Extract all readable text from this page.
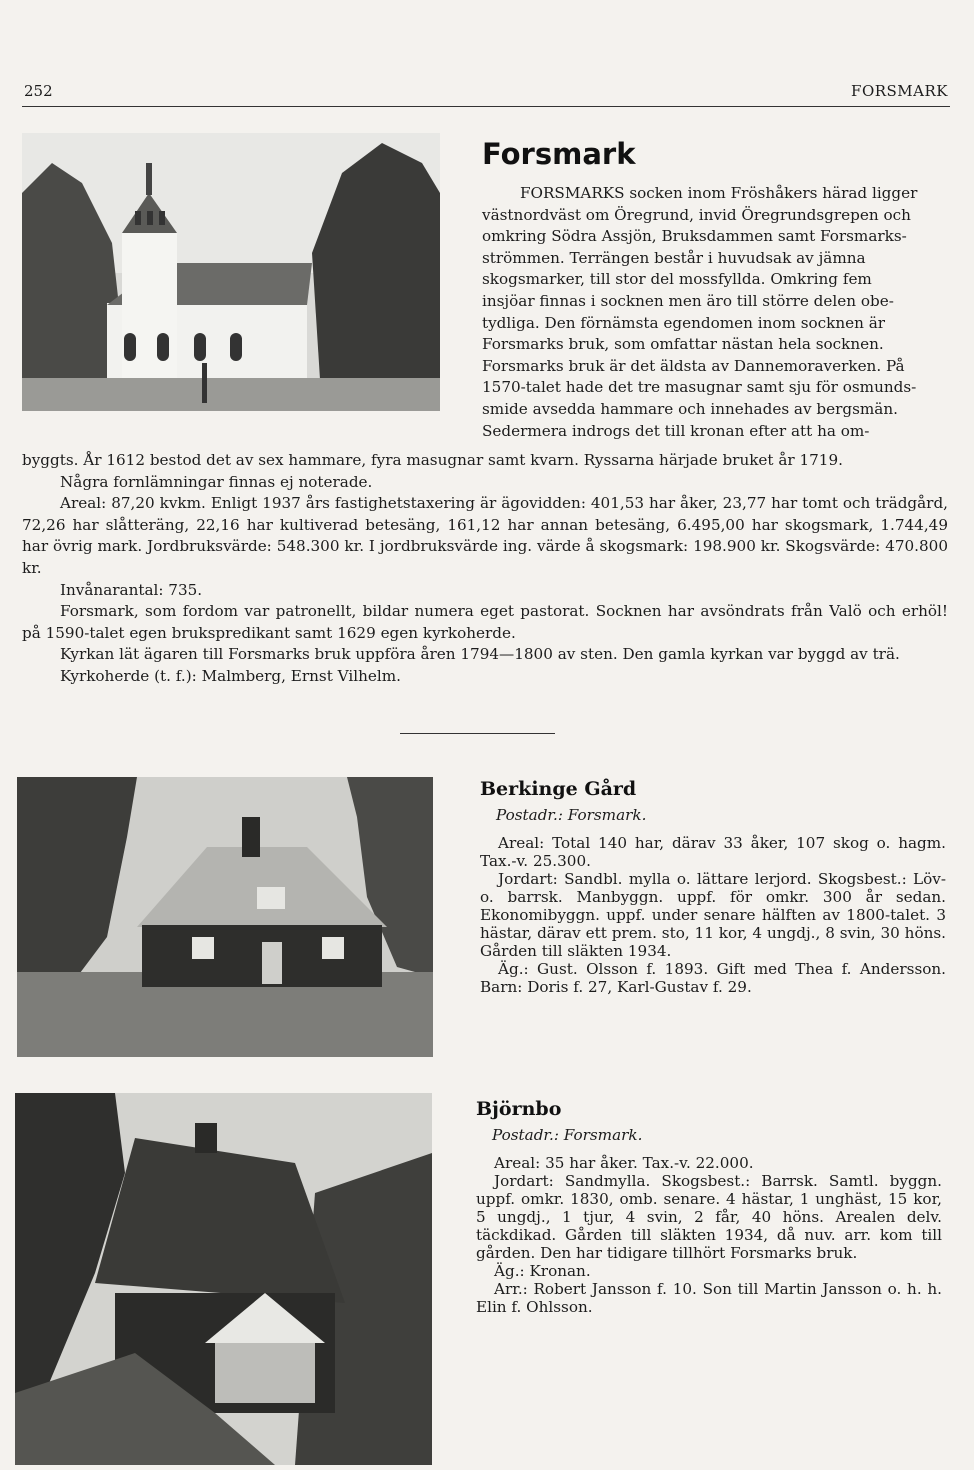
252	FORSMARK
Forsmark

FORSMARKS socken inom Fröshåkers härad ligger

västnordväst om Öregrund, invid Öregrundsgrepen och

omkring Södra Assjön, Bruksdammen samt Forsmarks-

strömmen. Terrängen består i huvudsak av jämna

skogsmarker, till stor del mossfyllda. Omkring fem

insjöar finnas i socknen men äro till större delen obe-

tydliga. Den förnämsta egendomen inom socknen är

Forsmarks bruk, som omfattar nästan hela socknen.

Forsmarks bruk är det äldsta av Dannemoraverken. På

1570-talet hade det tre masugnar samt sju för osmunds-

smide avsedda hammare och innehades av bergsmän.

Sedermera indrogs det till kronan efter att ha om-

byggts. År 1612 bestod det av sex hammare, fyra masugnar samt kvarn. Ryssarna härjade bruket år 1719.

Några fornlämningar finnas ej noterade.

Areal: 87,20 kvkm. Enligt 1937 års fastighetstaxering är ägovidden: 401,53 har åker, 23,77 har tomt och trädgård, 72,26 har slåtteräng, 22,16 har kultiverad betesäng, 161,12 har annan betesäng, 6.495,00 har skogsmark, 1.744,49 har övrig mark. Jordbruksvärde: 548.300 kr. I jordbruksvärde ing. värde å skogsmark: 198.900 kr. Skogsvärde: 470.800 kr.

Invånarantal: 735.

Forsmark, som fordom var patronellt, bildar numera eget pastorat. Socknen har avsöndrats från Valö och erhöl! på 1590-talet egen brukspredikant samt 1629 egen kyrkoherde.

Kyrkan lät ägaren till Forsmarks bruk uppföra åren 1794—1800 av sten. Den gamla kyrkan var byggd av trä.

Kyrkoherde (t. f.): Malmberg, Ernst Vilhelm.

Berkinge Gård
Postadr.: Forsmark.

Areal: Total 140 har, därav 33 åker, 107 skog o. hagm. Tax.-v. 25.300.

Jordart: Sandbl. mylla o. lättare lerjord. Skogsbest.: Löv- o. barrsk. Manbyggn. uppf. för omkr. 300 år sedan. Ekonomibyggn. uppf. under senare hälften av 1800-talet. 3 hästar, därav ett prem. sto, 11 kor, 4 ungdj., 8 svin, 30 höns. Gården till släkten 1934.

Äg.: Gust. Olsson f. 1893. Gift med Thea f. Andersson. Barn: Doris f. 27, Karl-Gustav f. 29.

Björnbo
Postadr.: Forsmark.

Areal: 35 har åker. Tax.-v. 22.000.

Jordart: Sandmylla. Skogsbest.: Barrsk. Samtl. byggn. uppf. omkr. 1830, omb. senare. 4 hästar, 1 unghäst, 15 kor, 5 ungdj., 1 tjur, 4 svin, 2 får, 40 höns. Arealen delv. täckdikad. Gården till släkten 1934, då nuv. arr. kom till gården. Den har tidigare tillhört Forsmarks bruk.

Äg.: Kronan.

Arr.: Robert Jansson f. 10. Son till Martin Jansson o. h. h. Elin f. Ohlsson.
